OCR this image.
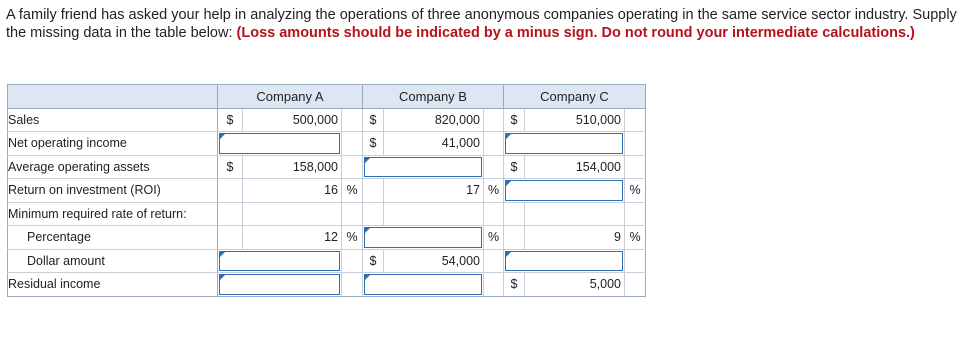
A family friend has asked your help in analyzing the operations of three anonymous companies operating in the same service sector industry. Supply the missing data in the table below: (Loss amounts should be indicated by a minus sign. Do not round your intermediate calculations.)
	Company A			Company B			Company C		
Sales	$	500,000		$	820,000		$	510,000	

Net operating income				$	41,000				

Average operating assets	$	158,000					$	154,000	

Return on investment (ROI)		16	%		17	%			%

Minimum required rate of return:									
Percentage		12	%			%		9	%

Dollar amount				$	54,000				

Residual income							$	5,000	
